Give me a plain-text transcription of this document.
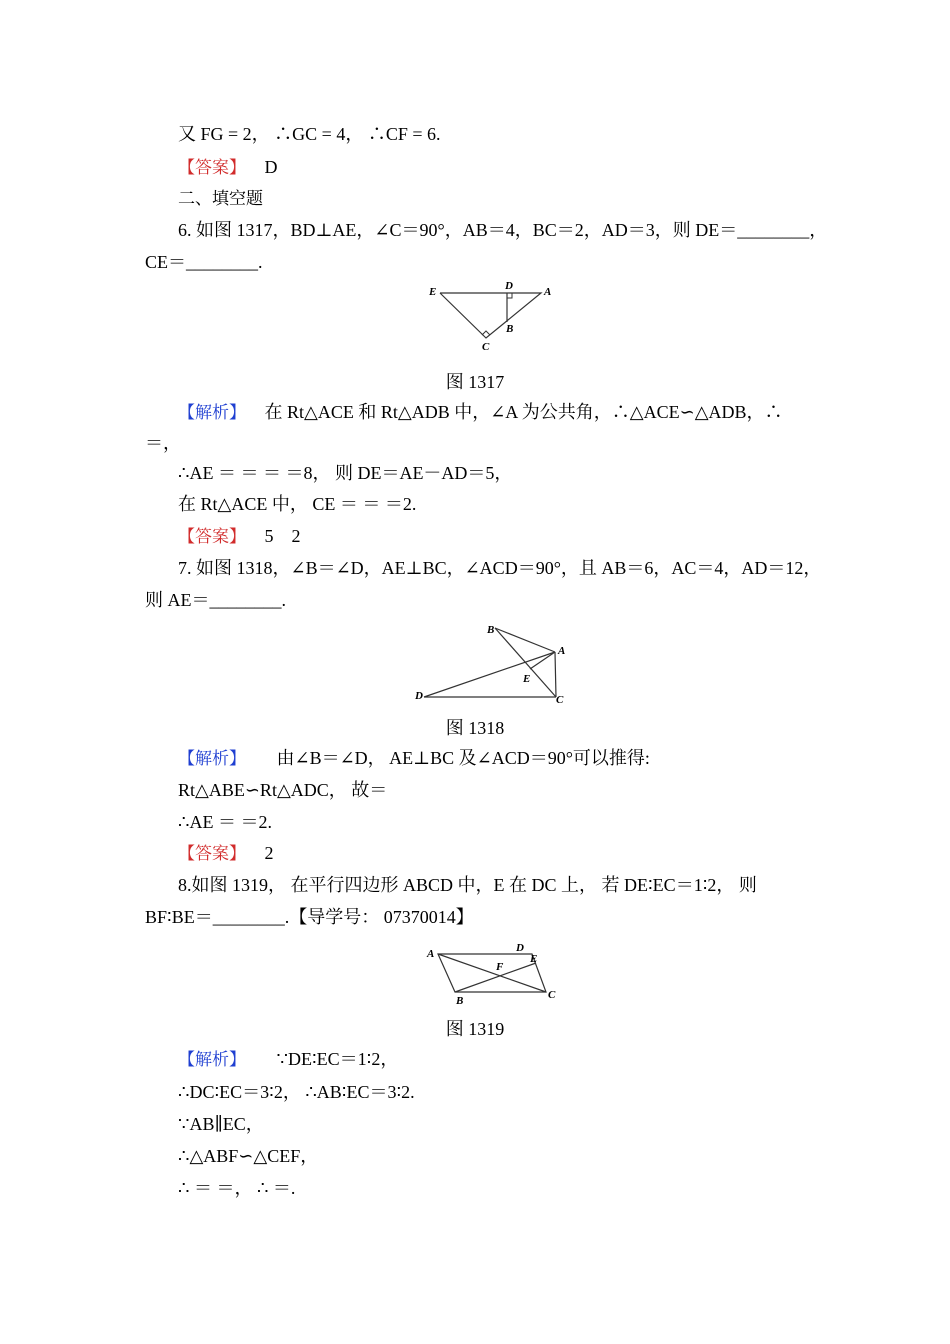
又 FG = 2， ∴GC = 4， ∴CF = 6.
【答案】 D
二、填空题
6. 如图 1317，BD⊥AE，∠C＝90°，AB＝4，BC＝2，AD＝3，则 DE＝________，
CE＝________.
E	D	A
B
C
图 1317
【解析】 在 Rt△ACE 和 Rt△ADB 中，∠A 为公共角，∴△ACE∽△ADB，∴
＝，
∴AE ＝ ＝ ＝ ＝8， 则 DE＝AE－AD＝5，
在 Rt△ACE 中， CE ＝ ＝ ＝2.
【答案】 5　2
7. 如图 1318，∠B＝∠D，AE⊥BC，∠ACD＝90°，且 AB＝6，AC＝4，AD＝12，
则 AE＝________.
B
A
E
D	C
图 1318
【解析】 由∠B＝∠D， AE⊥BC 及∠ACD＝90°可以推得:
Rt△ABE∽Rt△ADC， 故＝
∴AE ＝ ＝2.
【答案】 2
8.如图 1319， 在平行四边形 ABCD 中，E 在 DC 上， 若 DE∶EC＝1∶2， 则
BF∶BE＝________.【导学号： 07370014】
A	D
E
F
B	C
图 1319
【解析】 ∵DE∶EC＝1∶2，
∴DC∶EC＝3∶2， ∴AB∶EC＝3∶2.
∵AB∥EC，
∴△ABF∽△CEF，
∴ ＝ ＝， ∴ ＝.
